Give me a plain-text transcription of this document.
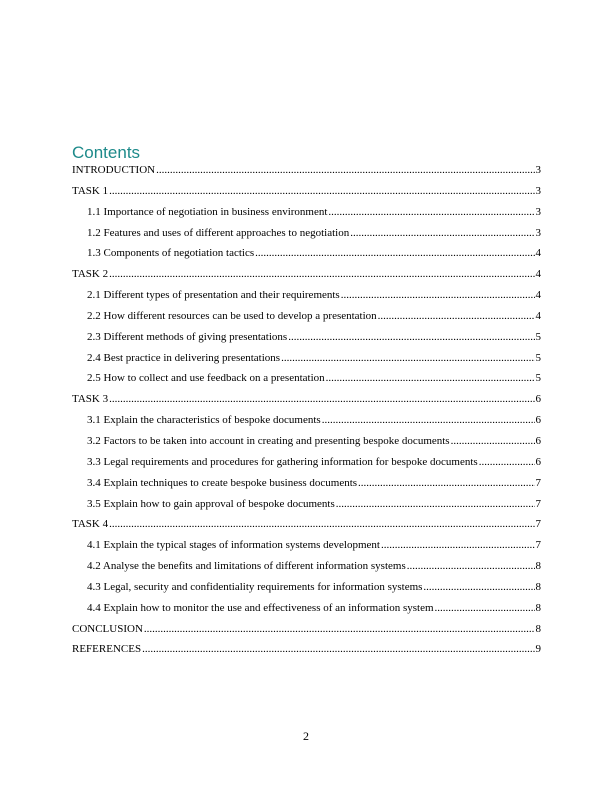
Contents
INTRODUCTION .....	3
TASK 1 .....	3
1.1 Importance of negotiation in business environment .....	3
1.2 Features and uses of different approaches to negotiation .....	3
1.3 Components of negotiation tactics .....	4
TASK 2 .....	4
2.1 Different types of presentation and their requirements .....	4
2.2 How different resources can be used to develop a presentation .....	4
2.3 Different methods of giving presentations .....	5
2.4 Best practice in delivering presentations .....	5
2.5 How to collect and use feedback on a presentation .....	5
TASK 3 .....	6
3.1 Explain the characteristics of bespoke documents .....	6
3.2 Factors to be taken into account in creating and presenting bespoke documents .....	6
3.3 Legal requirements and procedures for gathering information for bespoke documents .....	6
3.4 Explain techniques to create bespoke business documents .....	7
3.5 Explain how to gain approval of bespoke documents .....	7
TASK 4 .....	7
4.1 Explain the typical stages of information systems development .....	7
4.2 Analyse the benefits and limitations of different information systems .....	8
4.3 Legal, security and confidentiality requirements for information systems .....	8
4.4 Explain how to monitor the use and effectiveness of an information system .....	8
CONCLUSION .....	8
REFERENCES .....	9
2
